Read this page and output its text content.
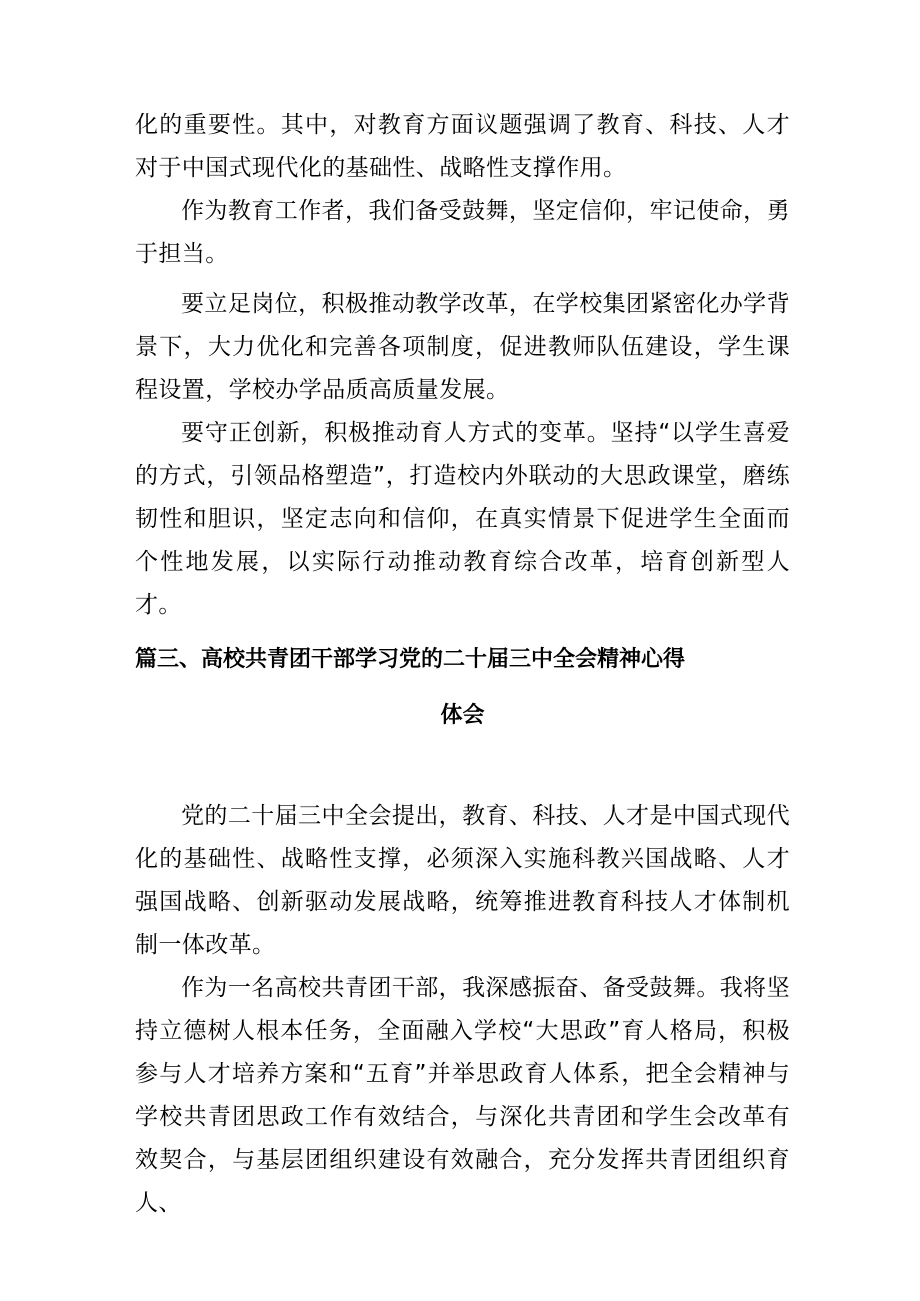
化的重要性。其中，对教育方面议题强调了教育、科技、人才对于中国式现代化的基础性、战略性支撑作用。

作为教育工作者，我们备受鼓舞，坚定信仰，牢记使命，勇于担当。

要立足岗位，积极推动教学改革，在学校集团紧密化办学背景下，大力优化和完善各项制度，促进教师队伍建设，学生课程设置，学校办学品质高质量发展。

要守正创新，积极推动育人方式的变革。坚持“以学生喜爱的方式，引领品格塑造”，打造校内外联动的大思政课堂，磨练韧性和胆识，坚定志向和信仰，在真实情景下促进学生全面而个性地发展，以实际行动推动教育综合改革，培育创新型人才。

篇三、高校共青团干部学习党的二十届三中全会精神心得
体会

党的二十届三中全会提出，教育、科技、人才是中国式现代化的基础性、战略性支撑，必须深入实施科教兴国战略、人才强国战略、创新驱动发展战略，统筹推进教育科技人才体制机制一体改革。

作为一名高校共青团干部，我深感振奋、备受鼓舞。我将坚持立德树人根本任务，全面融入学校“大思政”育人格局，积极参与人才培养方案和“五育”并举思政育人体系，把全会精神与学校共青团思政工作有效结合，与深化共青团和学生会改革有效契合，与基层团组织建设有效融合，充分发挥共青团组织育人、
